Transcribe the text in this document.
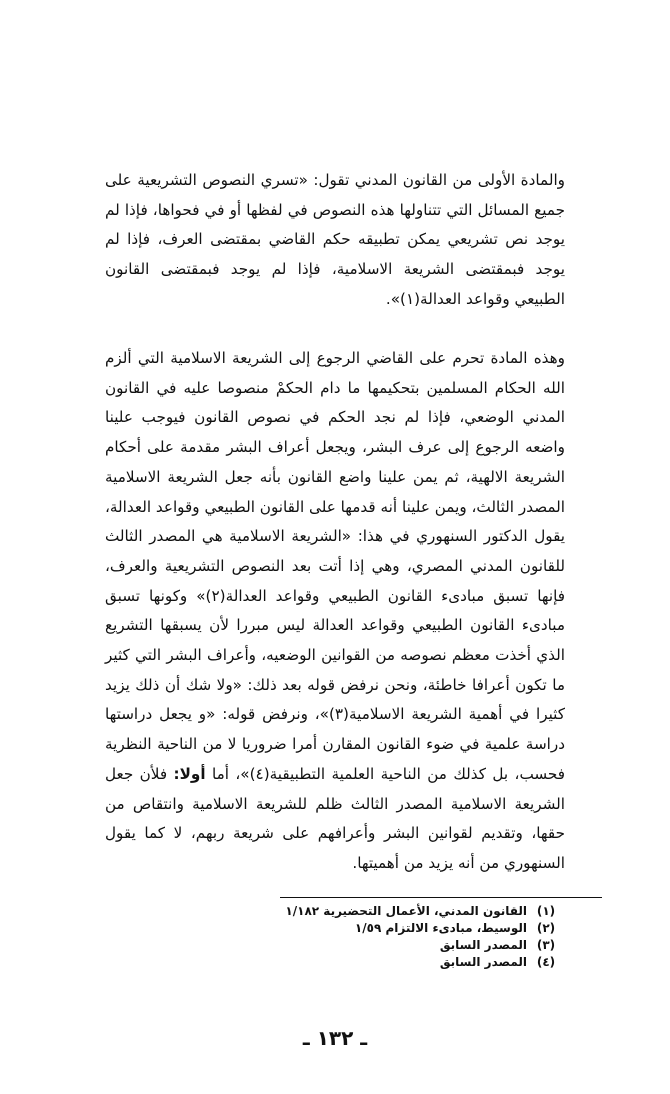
والمادة الأولى من القانون المدني تقول: «تسري النصوص التشريعية على جميع المسائل التي تتناولها هذه النصوص في لفظها أو في فحواها، فإذا لم يوجد نص تشريعي يمكن تطبيقه حكم القاضي بمقتضى العرف، فإذا لم يوجد فبمقتضى الشريعة الاسلامية، فإذا لم يوجد فبمقتضى القانون الطبيعي وقواعد العدالة(١)».

وهذه المادة تحرم على القاضي الرجوع إلى الشريعة الاسلامية التي ألزم الله الحكام المسلمين بتحكيمها ما دام الحكمْ منصوصا عليه في القانون المدني الوضعي، فإذا لم نجد الحكم في نصوص القانون فيوجب علينا واضعه الرجوع إلى عرف البشر، ويجعل أعراف البشر مقدمة على أحكام الشريعة الالهية، ثم يمن علينا واضع القانون بأنه جعل الشريعة الاسلامية المصدر الثالث، ويمن علينا أنه قدمها على القانون الطبيعي وقواعد العدالة، يقول الدكتور السنهوري في هذا: «الشريعة الاسلامية هي المصدر الثالث للقانون المدني المصري، وهي إذا أتت بعد النصوص التشريعية والعرف، فإنها تسبق مبادىء القانون الطبيعي وقواعد العدالة(٢)» وكونها تسبق مبادىء القانون الطبيعي وقواعد العدالة ليس مبررا لأن يسبقها التشريع الذي أخذت معظم نصوصه من القوانين الوضعيه، وأعراف البشر التي كثير ما تكون أعرافا خاطئة، ونحن نرفض قوله بعد ذلك: «ولا شك أن ذلك يزيد كثيرا في أهمية الشريعة الاسلامية(٣)»، ونرفض قوله: «و يجعل دراستها دراسة علمية في ضوء القانون المقارن أمرا ضروريا لا من الناحية النظرية فحسب، بل كذلك من الناحية العلمية التطبيقية(٤)»، أما أولا: فلأن جعل الشريعة الاسلامية المصدر الثالث ظلم للشريعة الاسلامية وانتقاص من حقها، وتقديم لقوانين البشر وأعرافهم على شريعة ربهم، لا كما يقول السنهوري من أنه يزيد من أهميتها.

(١)
القانون المدني، الأعمال التحضيرية ١/١٨٢
(٢)
الوسيط، مبادىء الالتزام ١/٥٩
(٣)
المصدر السابق
(٤)
المصدر السابق
ـ ١٣٢ ـ
